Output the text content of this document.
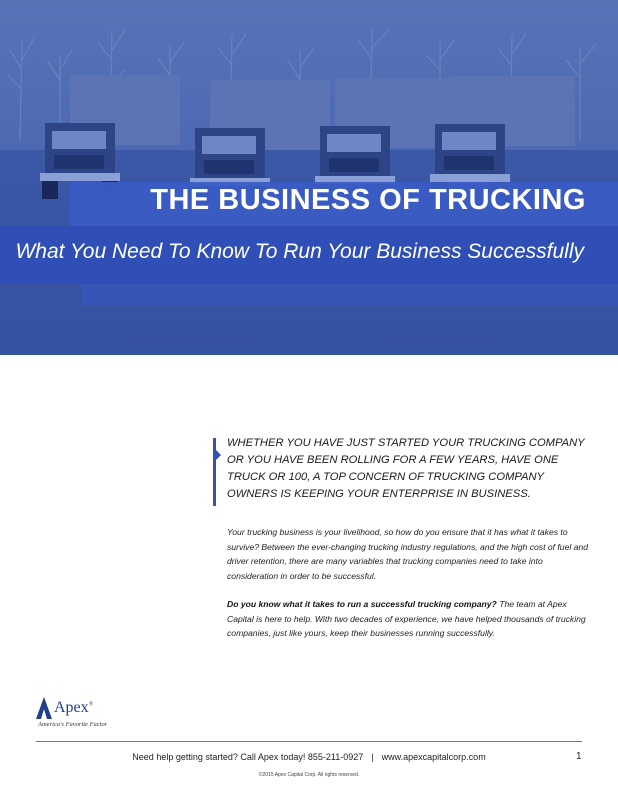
THE BUSINESS OF TRUCKING
What You Need To Know To Run Your Business Successfully

WHETHER YOU HAVE JUST STARTED YOUR TRUCKING COMPANY OR YOU HAVE BEEN ROLLING FOR A FEW YEARS, HAVE ONE TRUCK OR 100, A TOP CONCERN OF TRUCKING COMPANY OWNERS IS KEEPING YOUR ENTERPRISE IN BUSINESS.

Your trucking business is your livelihood, so how do you ensure that it has what it takes to survive? Between the ever-changing trucking industry regulations, and the high cost of fuel and driver retention, there are many variables that trucking companies need to take into consideration in order to be successful.

Do you know what it takes to run a successful trucking company? The team at Apex Capital is here to help. With two decades of experience, we have helped thousands of trucking companies, just like yours, keep their businesses running successfully.

Apex®
America's Favorite Factor
Need help getting started? Call Apex today! 855-211-0927 | www.apexcapitalcorp.com	1
©2015 Apex Capital Corp. All rights reserved.
